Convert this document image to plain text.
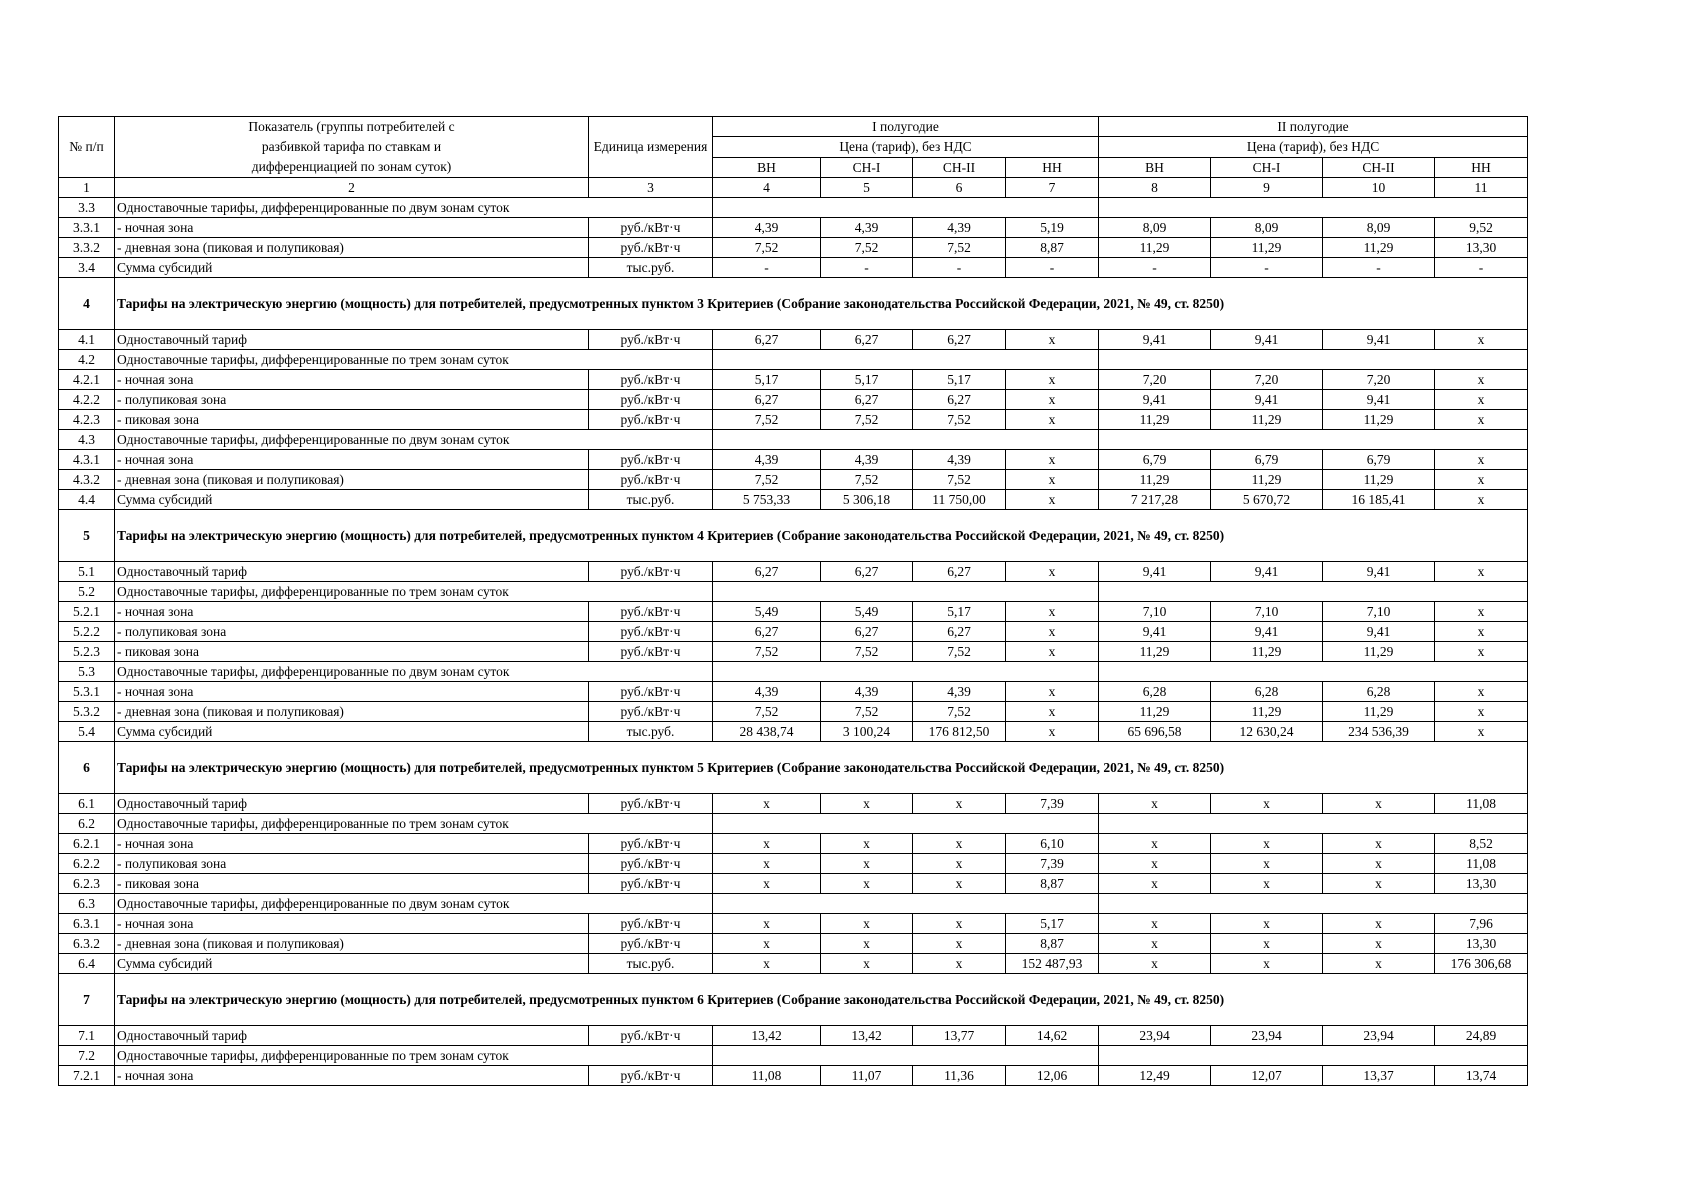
№ п/п	Показатель (группы потребителей с разбивкой тарифа по ставкам и дифференциацией по зонам суток)	Единица измерения	I полугодие				II полугодие			
			Цена (тариф), без НДС				Цена (тариф), без НДС			
			ВН	СН-I	СН-II	НН	ВН	СН-I	СН-II	НН
1	2	3	4	5	6	7	8	9	10	11
3.3	Одноставочные тарифы, дифференцированные по двум зонам суток									
3.3.1	- ночная зона	руб./кВт·ч	4,39	4,39	4,39	5,19	8,09	8,09	8,09	9,52
3.3.2	- дневная зона (пиковая и полупиковая)	руб./кВт·ч	7,52	7,52	7,52	8,87	11,29	11,29	11,29	13,30
3.4	Сумма субсидий	тыс.руб.	-	-	-	-	-	-	-	-
4	Тарифы на электрическую энергию (мощность) для потребителей, предусмотренных пунктом 3 Критериев (Собрание законодательства Российской Федерации, 2021, № 49, ст. 8250)									
4.1	Одноставочный тариф	руб./кВт·ч	6,27	6,27	6,27	х	9,41	9,41	9,41	х
4.2	Одноставочные тарифы, дифференцированные по трем зонам суток									
4.2.1	- ночная зона	руб./кВт·ч	5,17	5,17	5,17	х	7,20	7,20	7,20	х
4.2.2	- полупиковая зона	руб./кВт·ч	6,27	6,27	6,27	х	9,41	9,41	9,41	х
4.2.3	- пиковая зона	руб./кВт·ч	7,52	7,52	7,52	х	11,29	11,29	11,29	х
4.3	Одноставочные тарифы, дифференцированные по двум зонам суток									
4.3.1	- ночная зона	руб./кВт·ч	4,39	4,39	4,39	х	6,79	6,79	6,79	х
4.3.2	- дневная зона (пиковая и полупиковая)	руб./кВт·ч	7,52	7,52	7,52	х	11,29	11,29	11,29	х
4.4	Сумма субсидий	тыс.руб.	5 753,33	5 306,18	11 750,00	х	7 217,28	5 670,72	16 185,41	х
5	Тарифы на электрическую энергию (мощность) для потребителей, предусмотренных пунктом 4 Критериев (Собрание законодательства Российской Федерации, 2021, № 49, ст. 8250)									
5.1	Одноставочный тариф	руб./кВт·ч	6,27	6,27	6,27	х	9,41	9,41	9,41	х
5.2	Одноставочные тарифы, дифференцированные по трем зонам суток									
5.2.1	- ночная зона	руб./кВт·ч	5,49	5,49	5,17	х	7,10	7,10	7,10	х
5.2.2	- полупиковая зона	руб./кВт·ч	6,27	6,27	6,27	х	9,41	9,41	9,41	х
5.2.3	- пиковая зона	руб./кВт·ч	7,52	7,52	7,52	х	11,29	11,29	11,29	х
5.3	Одноставочные тарифы, дифференцированные по двум зонам суток									
5.3.1	- ночная зона	руб./кВт·ч	4,39	4,39	4,39	х	6,28	6,28	6,28	х
5.3.2	- дневная зона (пиковая и полупиковая)	руб./кВт·ч	7,52	7,52	7,52	х	11,29	11,29	11,29	х
5.4	Сумма субсидий	тыс.руб.	28 438,74	3 100,24	176 812,50	х	65 696,58	12 630,24	234 536,39	х
6	Тарифы на электрическую энергию (мощность) для потребителей, предусмотренных пунктом 5 Критериев (Собрание законодательства Российской Федерации, 2021, № 49, ст. 8250)									
6.1	Одноставочный тариф	руб./кВт·ч	х	х	х	7,39	х	х	х	11,08
6.2	Одноставочные тарифы, дифференцированные по трем зонам суток									
6.2.1	- ночная зона	руб./кВт·ч	х	х	х	6,10	х	х	х	8,52
6.2.2	- полупиковая зона	руб./кВт·ч	х	х	х	7,39	х	х	х	11,08
6.2.3	- пиковая зона	руб./кВт·ч	х	х	х	8,87	х	х	х	13,30
6.3	Одноставочные тарифы, дифференцированные по двум зонам суток									
6.3.1	- ночная зона	руб./кВт·ч	х	х	х	5,17	х	х	х	7,96
6.3.2	- дневная зона (пиковая и полупиковая)	руб./кВт·ч	х	х	х	8,87	х	х	х	13,30
6.4	Сумма субсидий	тыс.руб.	х	х	х	152 487,93	х	х	х	176 306,68
7	Тарифы на электрическую энергию (мощность) для потребителей, предусмотренных пунктом 6 Критериев (Собрание законодательства Российской Федерации, 2021, № 49, ст. 8250)									
7.1	Одноставочный тариф	руб./кВт·ч	13,42	13,42	13,77	14,62	23,94	23,94	23,94	24,89
7.2	Одноставочные тарифы, дифференцированные по трем зонам суток									
7.2.1	- ночная зона	руб./кВт·ч	11,08	11,07	11,36	12,06	12,49	12,07	13,37	13,74
